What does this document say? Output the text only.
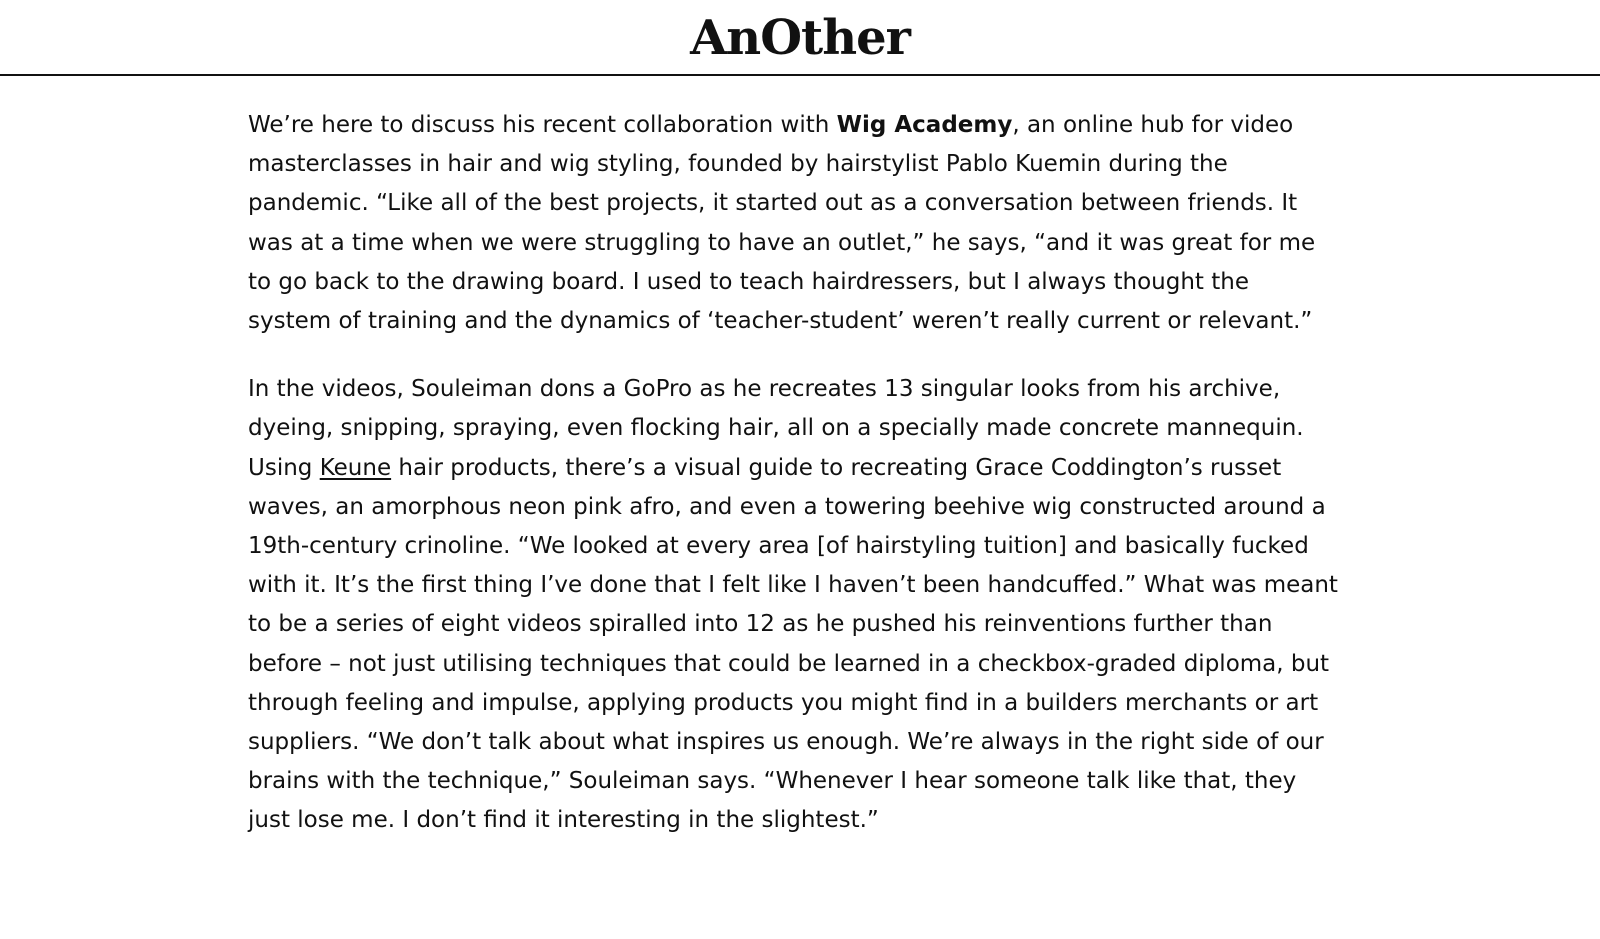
AnOther

We’re here to discuss his recent collaboration with Wig Academy, an online hub for video masterclasses in hair and wig styling, founded by hairstylist Pablo Kuemin during the pandemic. “Like all of the best projects, it started out as a conversation between friends. It was at a time when we were struggling to have an outlet,” he says, “and it was great for me to go back to the drawing board. I used to teach hairdressers, but I always thought the system of training and the dynamics of ‘teacher-student’ weren’t really current or relevant.”

In the videos, Souleiman dons a GoPro as he recreates 13 singular looks from his archive, dyeing, snipping, spraying, even flocking hair, all on a specially made concrete mannequin. Using Keune hair products, there’s a visual guide to recreating Grace Coddington’s russet waves, an amorphous neon pink afro, and even a towering beehive wig constructed around a 19th-century crinoline. “We looked at every area [of hairstyling tuition] and basically fucked with it. It’s the first thing I’ve done that I felt like I haven’t been handcuffed.” What was meant to be a series of eight videos spiralled into 12 as he pushed his reinventions further than before – not just utilising techniques that could be learned in a checkbox-graded diploma, but through feeling and impulse, applying products you might find in a builders merchants or art suppliers. “We don’t talk about what inspires us enough. We’re always in the right side of our brains with the technique,” Souleiman says. “Whenever I hear someone talk like that, they just lose me. I don’t find it interesting in the slightest.”
